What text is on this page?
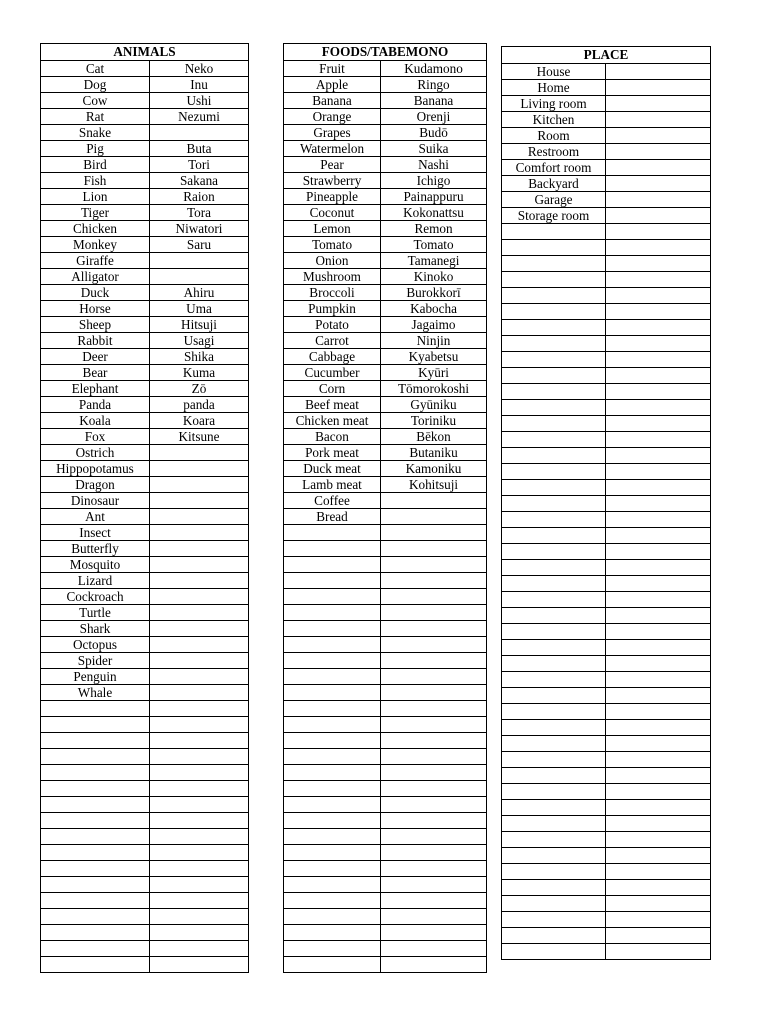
ANIMALS	
Cat	Neko
Dog	Inu
Cow	Ushi
Rat	Nezumi
Snake	
Pig	Buta
Bird	Tori
Fish	Sakana
Lion	Raion
Tiger	Tora
Chicken	Niwatori
Monkey	Saru
Giraffe	
Alligator	
Duck	Ahiru
Horse	Uma
Sheep	Hitsuji
Rabbit	Usagi
Deer	Shika
Bear	Kuma
Elephant	Zō
Panda	panda
Koala	Koara
Fox	Kitsune
Ostrich	
Hippopotamus	
Dragon	
Dinosaur	
Ant	
Insect	
Butterfly	
Mosquito	
Lizard	
Cockroach	
Turtle	
Shark	
Octopus	
Spider	
Penguin	
Whale	

FOODS/TABEMONO	
Fruit	Kudamono
Apple	Ringo
Banana	Banana
Orange	Orenji
Grapes	Budō
Watermelon	Suika
Pear	Nashi
Strawberry	Ichigo
Pineapple	Painappuru
Coconut	Kokonattsu
Lemon	Remon
Tomato	Tomato
Onion	Tamanegi
Mushroom	Kinoko
Broccoli	Burokkorī
Pumpkin	Kabocha
Potato	Jagaimo
Carrot	Ninjin
Cabbage	Kyabetsu
Cucumber	Kyūri
Corn	Tōmorokoshi
Beef meat	Gyūniku
Chicken meat	Toriniku
Bacon	Bēkon
Pork meat	Butaniku
Duck meat	Kamoniku
Lamb meat	Kohitsuji
Coffee	
Bread	

PLACE	
House	
Home	
Living room	
Kitchen	
Room	
Restroom	
Comfort room	
Backyard	
Garage	
Storage room	
